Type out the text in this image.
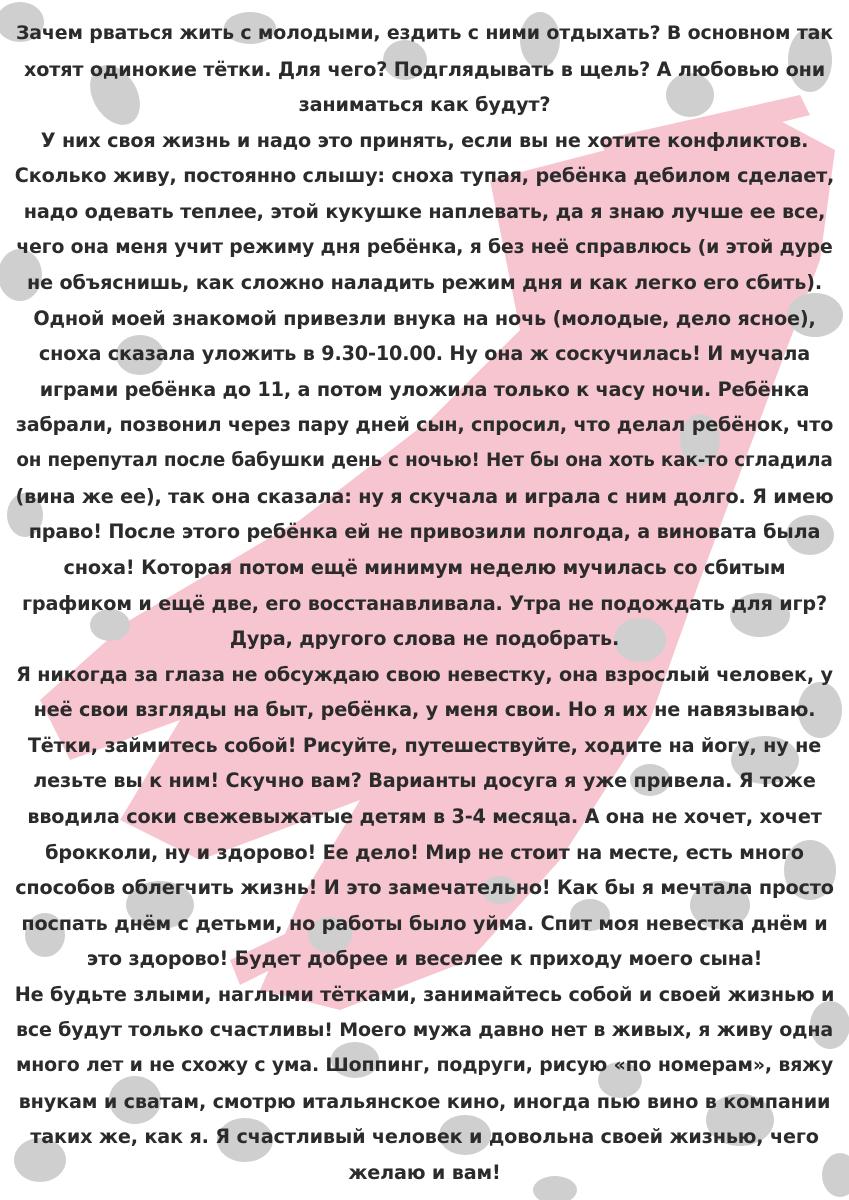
Зачем рваться жить с молодыми, ездить с ними отдыхать? В основном так
хотят одинокие тётки. Для чего? Подглядывать в щель? А любовью они
заниматься как будут?
У них своя жизнь и надо это принять, если вы не хотите конфликтов.
Сколько живу, постоянно слышу: сноха тупая, ребёнка дебилом сделает,
надо одевать теплее, этой кукушке наплевать, да я знаю лучше ее все,
чего она меня учит режиму дня ребёнка, я без неё справлюсь (и этой дуре
не объяснишь, как сложно наладить режим дня и как легко его сбить).
Одной моей знакомой привезли внука на ночь (молодые, дело ясное),
сноха сказала уложить в 9.30-10.00. Ну она ж соскучилась! И мучала
играми ребёнка до 11, а потом уложила только к часу ночи. Ребёнка
забрали, позвонил через пару дней сын, спросил, что делал ребёнок, что
он перепутал после бабушки день с ночью! Нет бы она хоть как-то сгладила
(вина же ее), так она сказала: ну я скучала и играла с ним долго. Я имею
право! После этого ребёнка ей не привозили полгода, а виновата была
сноха! Которая потом ещё минимум неделю мучилась со сбитым
графиком и ещё две, его восстанавливала. Утра не подождать для игр?
Дура, другого слова не подобрать.
Я никогда за глаза не обсуждаю свою невестку, она взрослый человек, у
неё свои взгляды на быт, ребёнка, у меня свои. Но я их не навязываю.
Тётки, займитесь собой! Рисуйте, путешествуйте, ходите на йогу, ну не
лезьте вы к ним! Скучно вам? Варианты досуга я уже привела. Я тоже
вводила соки свежевыжатые детям в 3-4 месяца. А она не хочет, хочет
брокколи, ну и здорово! Ее дело! Мир не стоит на месте, есть много
способов облегчить жизнь! И это замечательно! Как бы я мечтала просто
поспать днём с детьми, но работы было уйма. Спит моя невестка днём и
это здорово! Будет добрее и веселее к приходу моего сына!
Не будьте злыми, наглыми тётками, занимайтесь собой и своей жизнью и
все будут только счастливы! Моего мужа давно нет в живых, я живу одна
много лет и не схожу с ума. Шоппинг, подруги, рисую «по номерам», вяжу
внукам и сватам, смотрю итальянское кино, иногда пью вино в компании
таких же, как я. Я счастливый человек и довольна своей жизнью, чего
желаю и вам!
